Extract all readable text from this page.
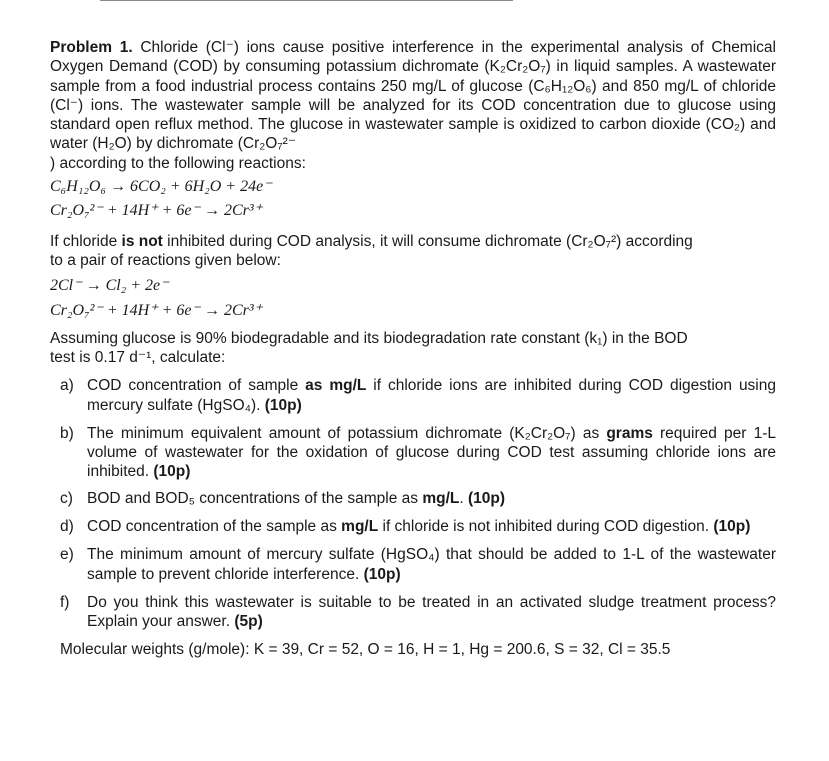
Problem 1. Chloride (Cl⁻) ions cause positive interference in the experimental analysis of Chemical Oxygen Demand (COD) by consuming potassium dichromate (K₂Cr₂O₇) in liquid samples. A wastewater sample from a food industrial process contains 250 mg/L of glucose (C₆H₁₂O₆) and 850 mg/L of chloride (Cl⁻) ions. The wastewater sample will be analyzed for its COD concentration due to glucose using standard open reflux method. The glucose in wastewater sample is oxidized to carbon dioxide (CO₂) and water (H₂O) by dichromate (Cr₂O₇²⁻
) according to the following reactions:

C₆H₁₂O₆ → 6CO₂ + 6H₂O + 24e⁻

Cr₂O₇²⁻ + 14H⁺ + 6e⁻ → 2Cr³⁺

If chloride is not inhibited during COD analysis, it will consume dichromate (Cr₂O₇²) according
to a pair of reactions given below:

2Cl⁻ → Cl₂ + 2e⁻

Cr₂O₇²⁻ + 14H⁺ + 6e⁻ → 2Cr³⁺

Assuming glucose is 90% biodegradable and its biodegradation rate constant (k₁) in the BOD
test is 0.17 d⁻¹, calculate:

a) COD concentration of sample as mg/L if chloride ions are inhibited during COD digestion using mercury sulfate (HgSO₄). (10p)

b) The minimum equivalent amount of potassium dichromate (K₂Cr₂O₇) as grams required per 1-L volume of wastewater for the oxidation of glucose during COD test assuming chloride ions are inhibited. (10p)

c) BOD and BOD₅ concentrations of the sample as mg/L. (10p)

d) COD concentration of the sample as mg/L if chloride is not inhibited during COD digestion. (10p)

e) The minimum amount of mercury sulfate (HgSO₄) that should be added to 1-L of the wastewater sample to prevent chloride interference. (10p)

f) Do you think this wastewater is suitable to be treated in an activated sludge treatment process? Explain your answer. (5p)

Molecular weights (g/mole): K = 39, Cr = 52, O = 16, H = 1, Hg = 200.6, S = 32, Cl = 35.5
